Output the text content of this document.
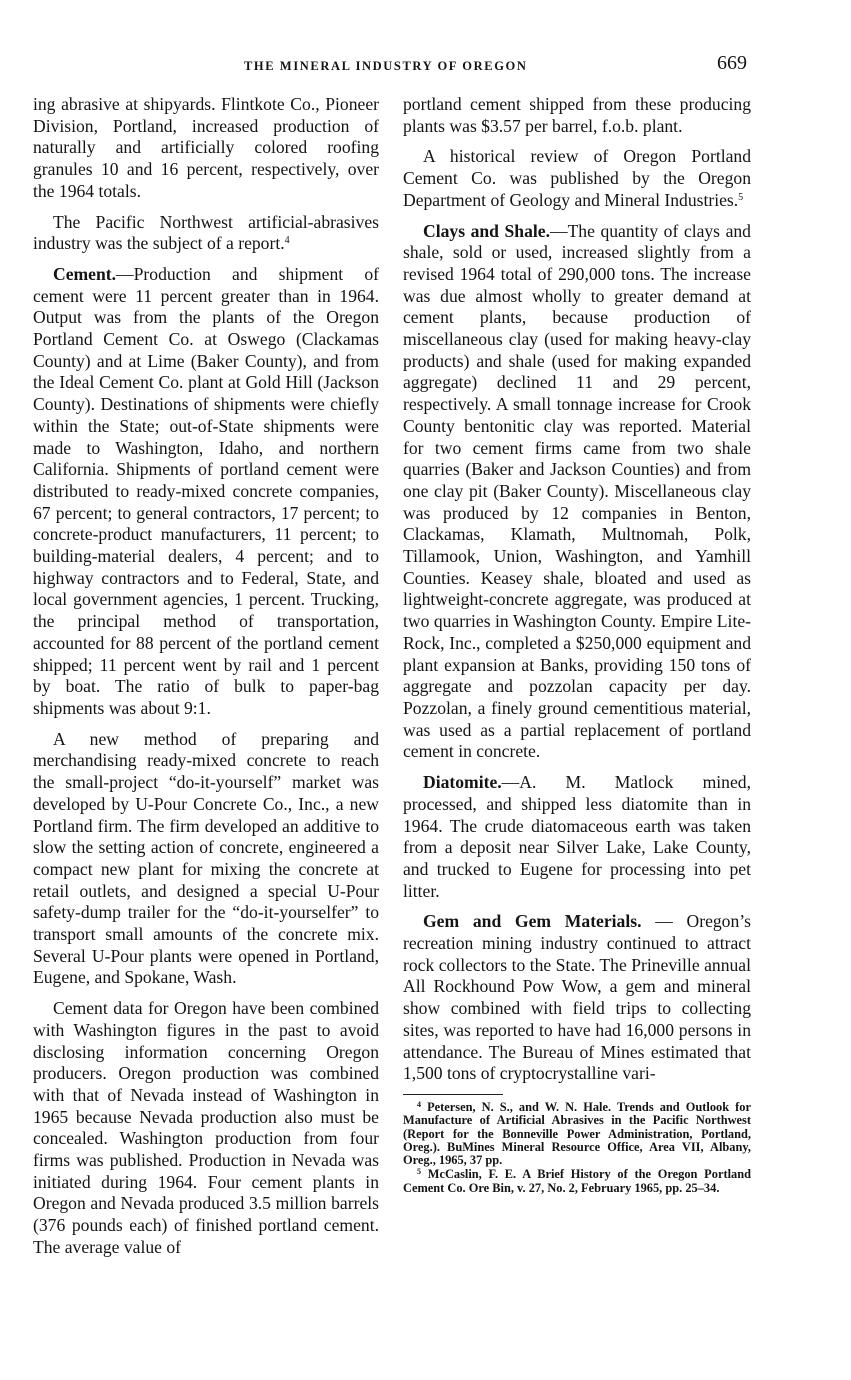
THE MINERAL INDUSTRY OF OREGON	669

ing abrasive at shipyards. Flintkote Co., Pioneer Division, Portland, increased production of naturally and artificially colored roofing granules 10 and 16 percent, respectively, over the 1964 totals.

The Pacific Northwest artificial-abrasives industry was the subject of a report.$^4$

Cement.—Production and shipment of cement were 11 percent greater than in 1964. Output was from the plants of the Oregon Portland Cement Co. at Oswego (Clackamas County) and at Lime (Baker County), and from the Ideal Cement Co. plant at Gold Hill (Jackson County). Destinations of shipments were chiefly within the State; out-of-State shipments were made to Washington, Idaho, and northern California. Shipments of portland cement were distributed to ready-mixed concrete companies, 67 percent; to general contractors, 17 percent; to concrete-product manufacturers, 11 percent; to building-material dealers, 4 percent; and to highway contractors and to Federal, State, and local government agencies, 1 percent. Trucking, the principal method of transportation, accounted for 88 percent of the portland cement shipped; 11 percent went by rail and 1 percent by boat. The ratio of bulk to paper-bag shipments was about 9:1.

A new method of preparing and merchandising ready-mixed concrete to reach the small-project “do-it-yourself” market was developed by U-Pour Concrete Co., Inc., a new Portland firm. The firm developed an additive to slow the setting action of concrete, engineered a compact new plant for mixing the concrete at retail outlets, and designed a special U-Pour safety-dump trailer for the “do-it-yourselfer” to transport small amounts of the concrete mix. Several U-Pour plants were opened in Portland, Eugene, and Spokane, Wash.

Cement data for Oregon have been combined with Washington figures in the past to avoid disclosing information concerning Oregon producers. Oregon production was combined with that of Nevada instead of Washington in 1965 because Nevada production also must be concealed. Washington production from four firms was published. Production in Nevada was initiated during 1964. Four cement plants in Oregon and Nevada produced 3.5 million barrels (376 pounds each) of finished portland cement. The average value of

portland cement shipped from these producing plants was $3.57 per barrel, f.o.b. plant.

A historical review of Oregon Portland Cement Co. was published by the Oregon Department of Geology and Mineral Industries.$^5$

Clays and Shale.—The quantity of clays and shale, sold or used, increased slightly from a revised 1964 total of 290,000 tons. The increase was due almost wholly to greater demand at cement plants, because production of miscellaneous clay (used for making heavy-clay products) and shale (used for making expanded aggregate) declined 11 and 29 percent, respectively. A small tonnage increase for Crook County bentonitic clay was reported. Material for two cement firms came from two shale quarries (Baker and Jackson Counties) and from one clay pit (Baker County). Miscellaneous clay was produced by 12 companies in Benton, Clackamas, Klamath, Multnomah, Polk, Tillamook, Union, Washington, and Yamhill Counties. Keasey shale, bloated and used as lightweight-concrete aggregate, was produced at two quarries in Washington County. Empire Lite-Rock, Inc., completed a $250,000 equipment and plant expansion at Banks, providing 150 tons of aggregate and pozzolan capacity per day. Pozzolan, a finely ground cementitious material, was used as a partial replacement of portland cement in concrete.

Diatomite.—A. M. Matlock mined, processed, and shipped less diatomite than in 1964. The crude diatomaceous earth was taken from a deposit near Silver Lake, Lake County, and trucked to Eugene for processing into pet litter.

Gem and Gem Materials. — Oregon’s recreation mining industry continued to attract rock collectors to the State. The Prineville annual All Rockhound Pow Wow, a gem and mineral show combined with field trips to collecting sites, was reported to have had 16,000 persons in attendance. The Bureau of Mines estimated that 1,500 tons of cryptocrystalline vari-

$^4$ Petersen, N. S., and W. N. Hale. Trends and Outlook for Manufacture of Artificial Abrasives in the Pacific Northwest (Report for the Bonneville Power Administration, Portland, Oreg.). BuMines Mineral Resource Office, Area VII, Albany, Oreg., 1965, 37 pp.

$^5$ McCaslin, F. E. A Brief History of the Oregon Portland Cement Co. Ore Bin, v. 27, No. 2, February 1965, pp. 25–34.
